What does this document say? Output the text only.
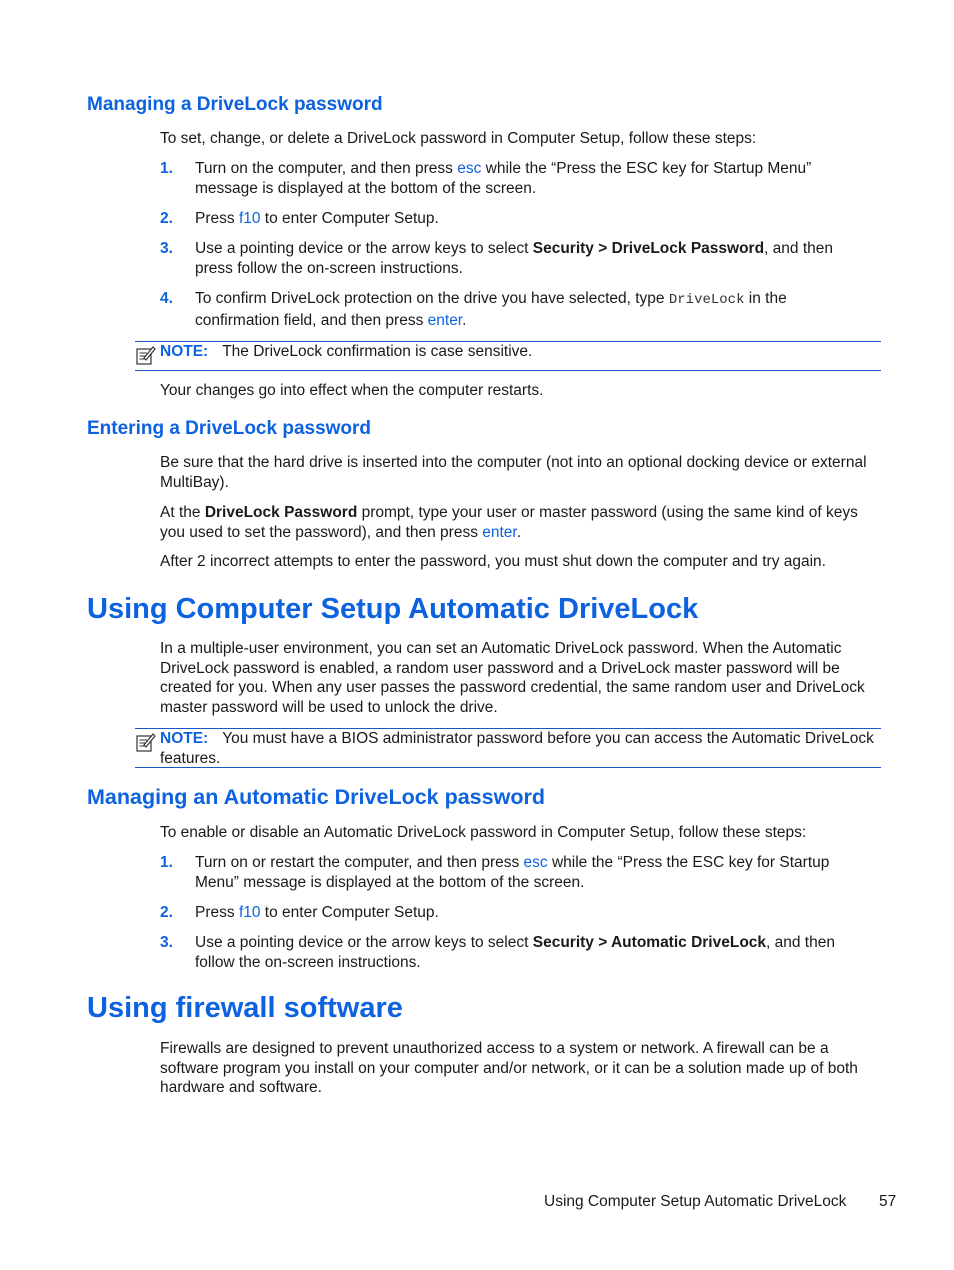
Managing a DriveLock password

To set, change, or delete a DriveLock password in Computer Setup, follow these steps:

1. Turn on the computer, and then press esc while the “Press the ESC key for Startup Menu” message is displayed at the bottom of the screen.
2. Press f10 to enter Computer Setup.
3. Use a pointing device or the arrow keys to select Security > DriveLock Password, and then press follow the on-screen instructions.
4. To confirm DriveLock protection on the drive you have selected, type DriveLock in the confirmation field, and then press enter.
NOTE: The DriveLock confirmation is case sensitive.

Your changes go into effect when the computer restarts.

Entering a DriveLock password

Be sure that the hard drive is inserted into the computer (not into an optional docking device or external MultiBay).

At the DriveLock Password prompt, type your user or master password (using the same kind of keys you used to set the password), and then press enter.

After 2 incorrect attempts to enter the password, you must shut down the computer and try again.

Using Computer Setup Automatic DriveLock

In a multiple-user environment, you can set an Automatic DriveLock password. When the Automatic DriveLock password is enabled, a random user password and a DriveLock master password will be created for you. When any user passes the password credential, the same random user and DriveLock master password will be used to unlock the drive.

NOTE: You must have a BIOS administrator password before you can access the Automatic DriveLock features.
Managing an Automatic DriveLock password

To enable or disable an Automatic DriveLock password in Computer Setup, follow these steps:

1. Turn on or restart the computer, and then press esc while the “Press the ESC key for Startup Menu” message is displayed at the bottom of the screen.
2. Press f10 to enter Computer Setup.
3. Use a pointing device or the arrow keys to select Security > Automatic DriveLock, and then follow the on-screen instructions.
Using firewall software

Firewalls are designed to prevent unauthorized access to a system or network. A firewall can be a software program you install on your computer and/or network, or it can be a solution made up of both hardware and software.

Using Computer Setup Automatic DriveLock 57
